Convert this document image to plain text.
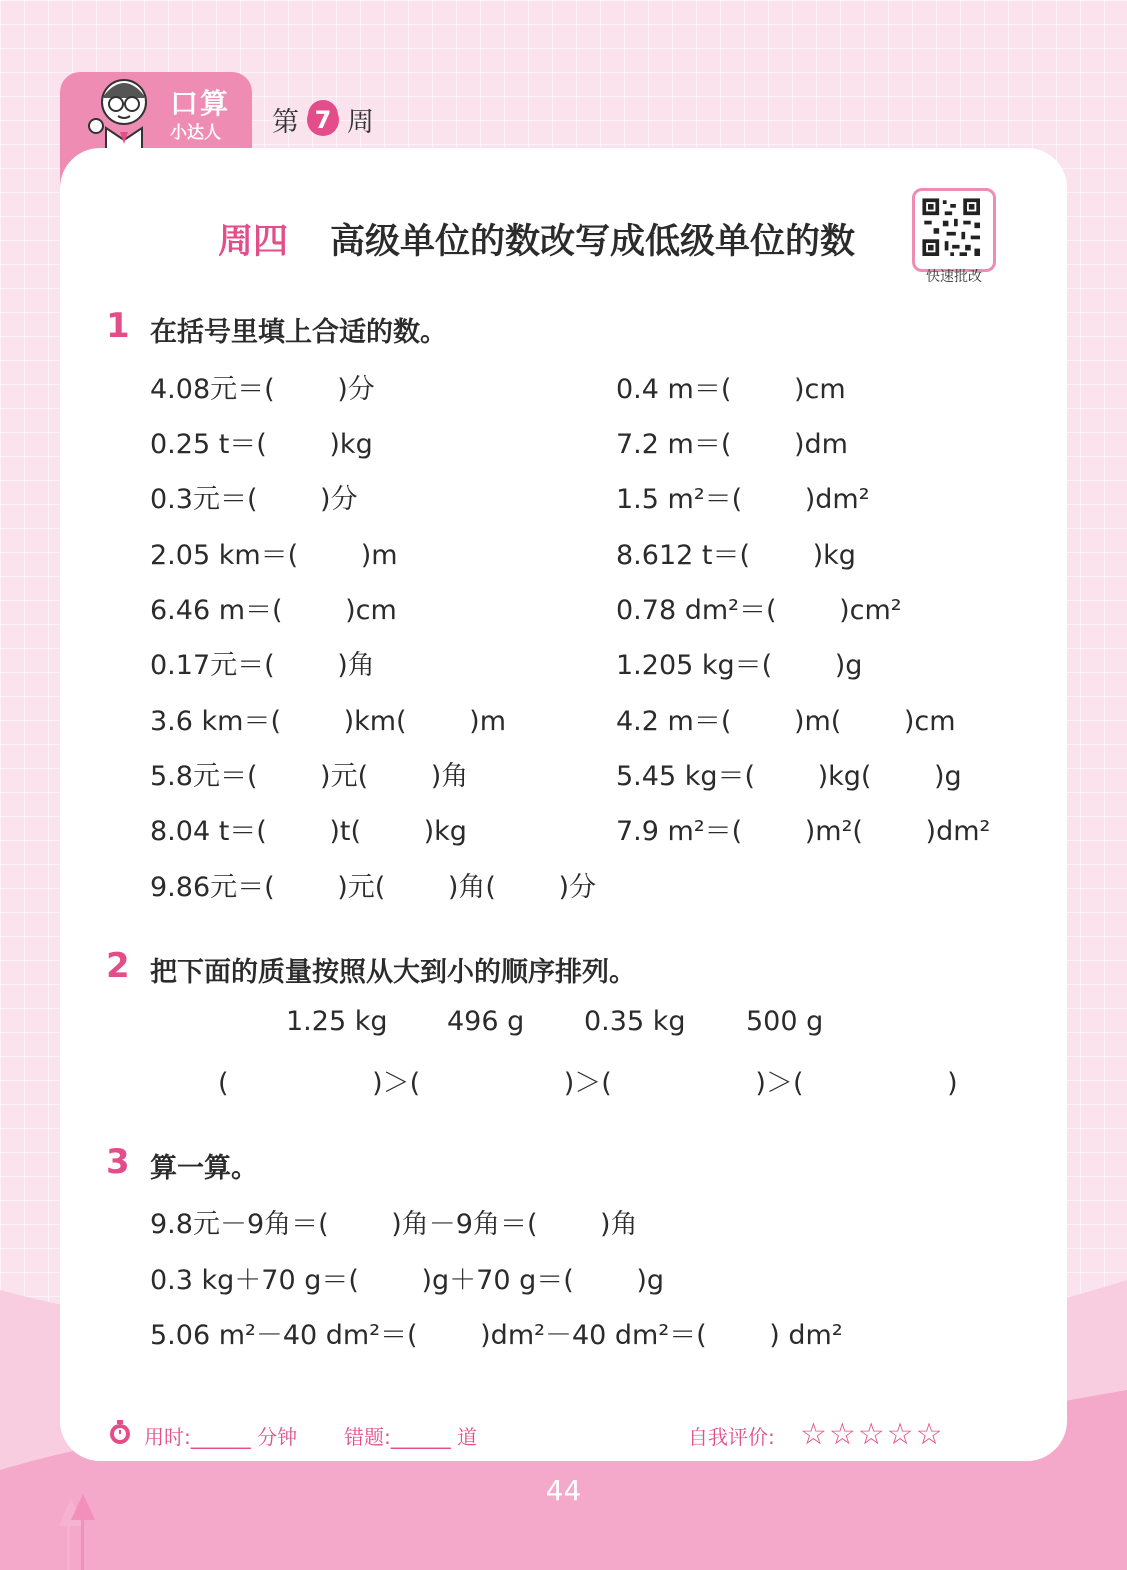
口算
小达人 第 7 周
周四 高级单位的数改写成低级单位的数
快速批改
1 在括号里填上合适的数。
4.08元＝(　　 )分
0.25 t＝(　　 )kg
0.3元＝(　　 )分
2.05 km＝(　　 )m
6.46 m＝(　　 )cm
0.17元＝(　　 )角
3.6 km＝(　　 )km(　　 )m
5.8元＝(　　 )元(　　 )角
8.04 t＝(　　 )t(　　 )kg
9.86元＝(　　 )元(　　 )角(　　 )分
0.4 m＝(　　 )cm
7.2 m＝(　　 )dm
1.5 m²＝(　　 )dm²
8.612 t＝(　　 )kg
0.78 dm²＝(　　 )cm²
1.205 kg＝(　　 )g
4.2 m＝(　　 )m(　　 )cm
5.45 kg＝(　　 )kg(　　 )g
7.9 m²＝(　　 )m²(　　 )dm²
2 把下面的质量按照从大到小的顺序排列。
1.25 kg 496 g 0.35 kg 500 g
(　　　　　 )＞(　　　　　 )＞(　　　　　 )＞(　　　　　 )
3 算一算。
9.8元－9角＝(　　 )角－9角＝(　　 )角
0.3 kg＋70 g＝(　　 )g＋70 g＝(　　 )g
5.06 m²－40 dm²＝(　　 )dm²－40 dm²＝(　　 ) dm²
用时:______ 分钟 错题:______ 道	自我评价: ☆☆☆☆☆
44
